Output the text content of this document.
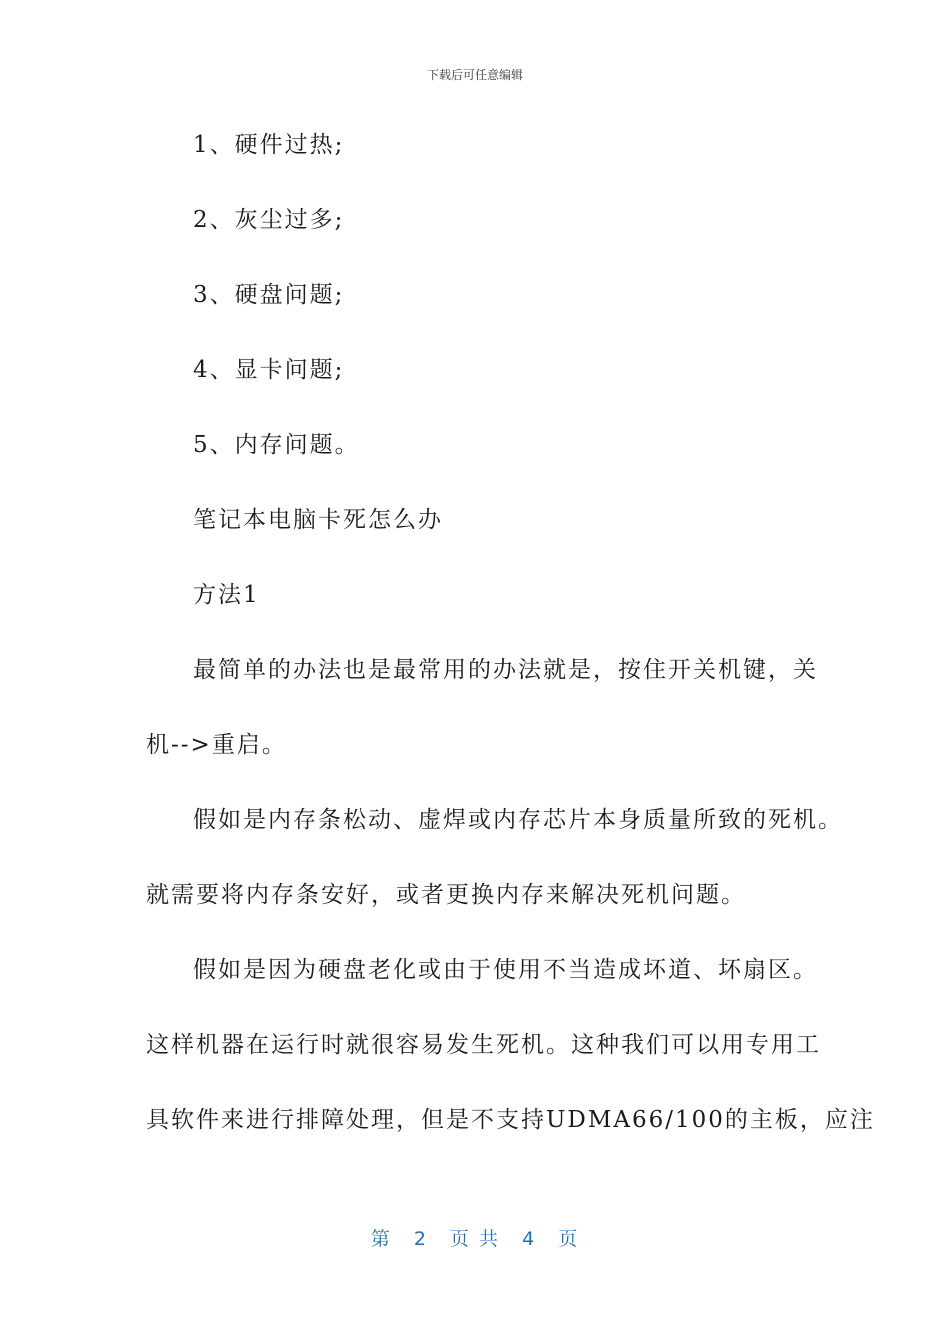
下载后可任意编辑
1、硬件过热;
2、灰尘过多;
3、硬盘问题;
4、显卡问题;
5、内存问题。
笔记本电脑卡死怎么办
方法1
最简单的办法也是最常用的办法就是，按住开关机键，关
机-->重启。
假如是内存条松动、虚焊或内存芯片本身质量所致的死机。
就需要将内存条安好，或者更换内存来解决死机问题。
假如是因为硬盘老化或由于使用不当造成坏道、坏扇区。
这样机器在运行时就很容易发生死机。这种我们可以用专用工
具软件来进行排障处理，但是不支持UDMA66/100的主板，应注
第 2 页 共 4 页
